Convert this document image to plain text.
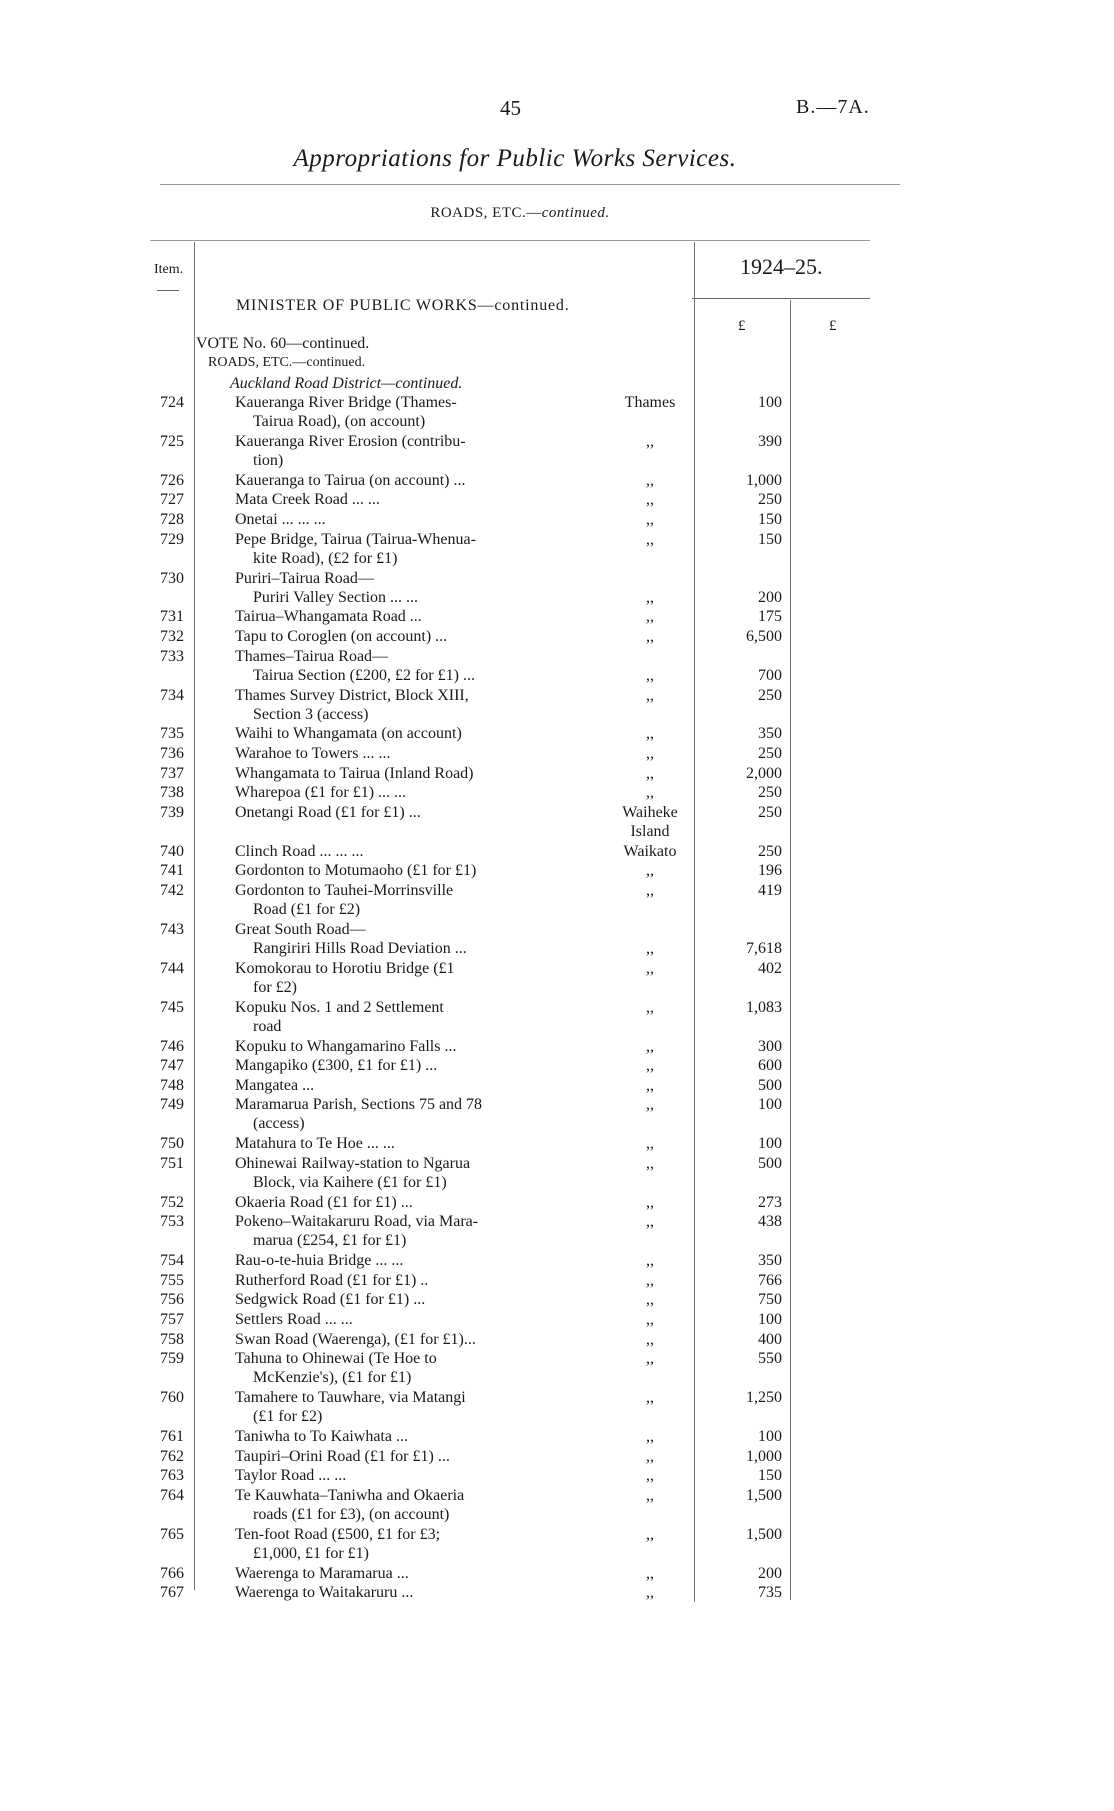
45	B.—7A.
Appropriations for Public Works Services.
ROADS, ETC.—continued.
Item.	1924–25.
£	£
MINISTER OF PUBLIC WORKS—continued.
VOTE No. 60—continued.
ROADS, ETC.—continued.
Auckland Road District—continued.
724	Kaueranga River Bridge (Thames-
Tairua Road), (on account)
Thames	100
725	Kaueranga River Erosion (contribu-
tion)
,,	390
726	Kaueranga to Tairua (on account) ...	,,	1,000
727	Mata Creek Road ... ...	,,	250
728	Onetai ... ... ...	,,	150
729	Pepe Bridge, Tairua (Tairua-Whenua-
kite Road), (£2 for £1)
,,	150
730	Puriri–Tairua Road—
Puriri Valley Section ... ...	,,	200
731	Tairua–Whangamata Road ...	,,	175
732	Tapu to Coroglen (on account) ...	,,	6,500
733	Thames–Tairua Road—
Tairua Section (£200, £2 for £1) ...	,,	700
734	Thames Survey District, Block XIII,
Section 3 (access)
,,	250
735	Waihi to Whangamata (on account)	,,	350
736	Warahoe to Towers ... ...	,,	250
737	Whangamata to Tairua (Inland Road)	,,	2,000
738	Wharepoa (£1 for £1) ... ...	,,	250
739	Onetangi Road (£1 for £1) ...	Waiheke
Island
250
740	Clinch Road ... ... ...	Waikato	250
741	Gordonton to Motumaoho (£1 for £1)	,,	196
742	Gordonton to Tauhei-Morrinsville
Road (£1 for £2)
,,	419
743	Great South Road—
Rangiriri Hills Road Deviation ...	,,	7,618
744	Komokorau to Horotiu Bridge (£1
for £2)
,,	402
745	Kopuku Nos. 1 and 2 Settlement
road
,,	1,083
746	Kopuku to Whangamarino Falls ...	,,	300
747	Mangapiko (£300, £1 for £1) ...	,,	600
748	Mangatea ...	,,	500
749	Maramarua Parish, Sections 75 and 78
(access)
,,	100
750	Matahura to Te Hoe ... ...	,,	100
751	Ohinewai Railway-station to Ngarua
Block, via Kaihere (£1 for £1)
,,	500
752	Okaeria Road (£1 for £1) ...	,,	273
753	Pokeno–Waitakaruru Road, via Mara-
marua (£254, £1 for £1)
,,	438
754	Rau-o-te-huia Bridge ... ...	,,	350
755	Rutherford Road (£1 for £1) ..	,,	766
756	Sedgwick Road (£1 for £1) ...	,,	750
757	Settlers Road ... ...	,,	100
758	Swan Road (Waerenga), (£1 for £1)...	,,	400
759	Tahuna to Ohinewai (Te Hoe to
McKenzie's), (£1 for £1)
,,	550
760	Tamahere to Tauwhare, via Matangi
(£1 for £2)
,,	1,250
761	Taniwha to To Kaiwhata ...	,,	100
762	Taupiri–Orini Road (£1 for £1) ...	,,	1,000
763	Taylor Road ... ...	,,	150
764	Te Kauwhata–Taniwha and Okaeria
roads (£1 for £3), (on account)
,,	1,500
765	Ten-foot Road (£500, £1 for £3;
£1,000, £1 for £1)
,,	1,500
766	Waerenga to Maramarua ...	,,	200
767	Waerenga to Waitakaruru ...	,,	735
